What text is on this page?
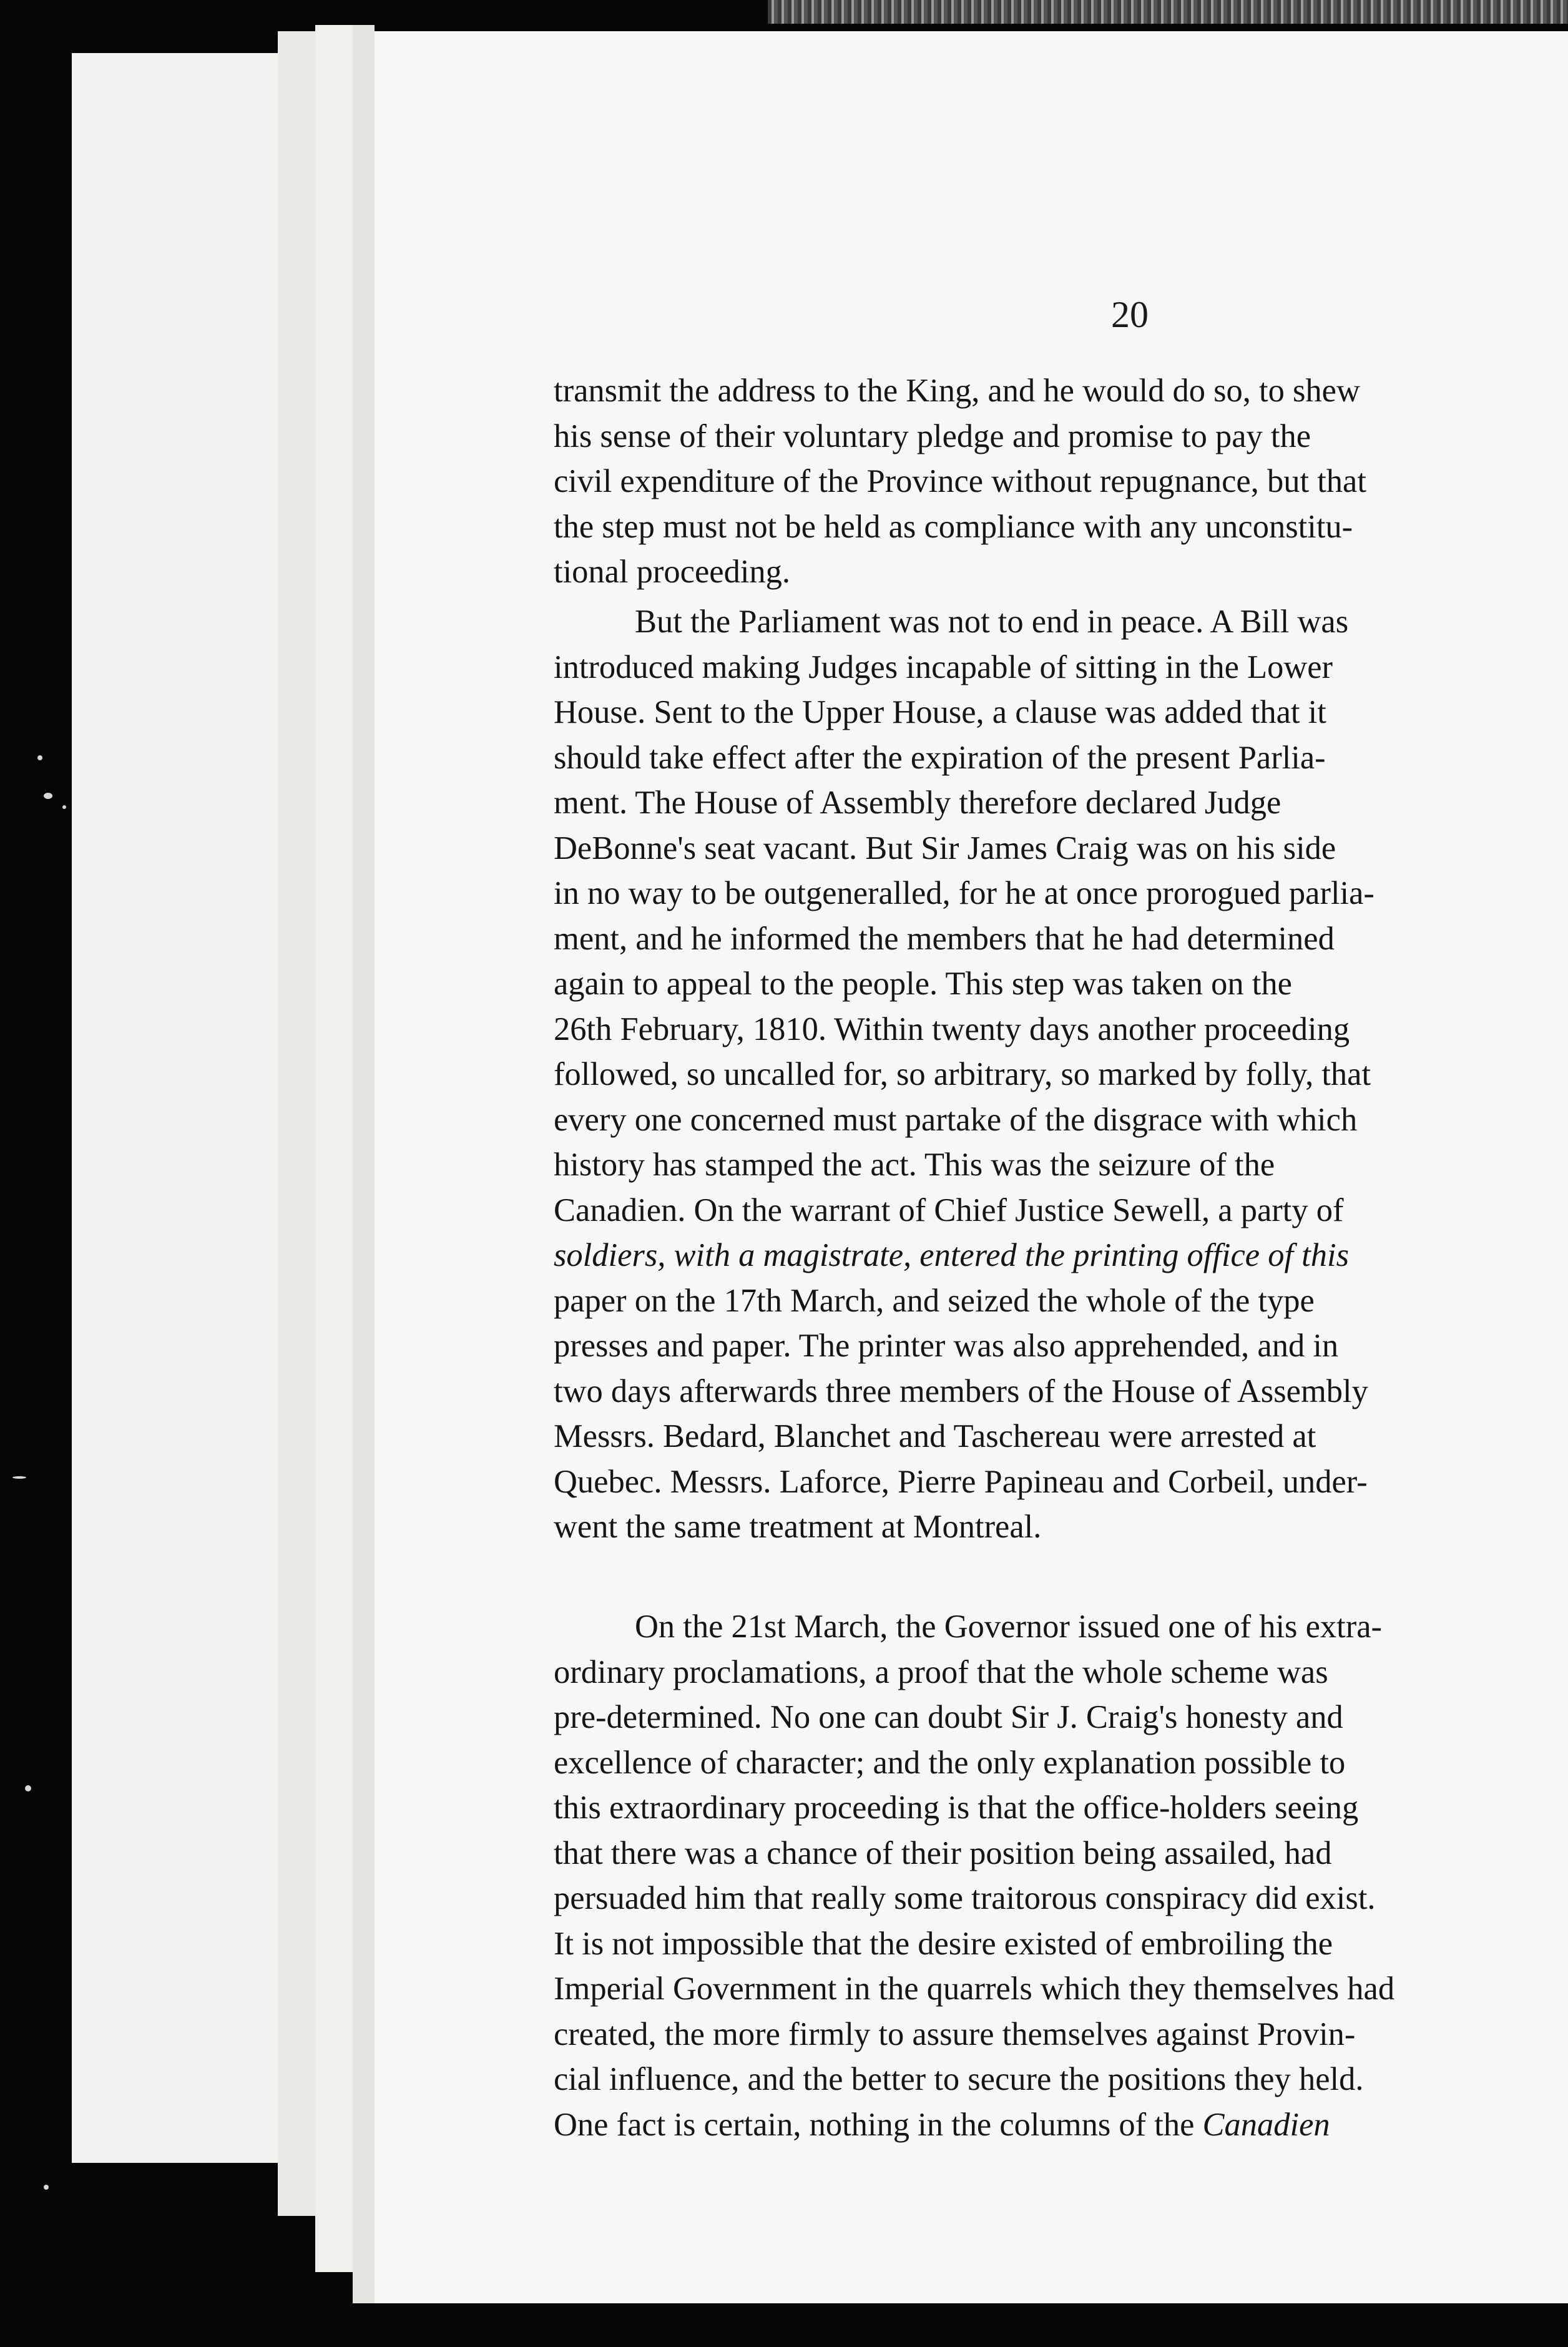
20

transmit the address to the King, and he would do so, to shew
his sense of their voluntary pledge and promise to pay the
civil expenditure of the Province without repugnance, but that
the step must not be held as compliance with any unconstitu-
tional proceeding.
But the Parliament was not to end in peace. A Bill was
introduced making Judges incapable of sitting in the Lower
House. Sent to the Upper House, a clause was added that it
should take effect after the expiration of the present Parlia-
ment. The House of Assembly therefore declared Judge
DeBonne's seat vacant. But Sir James Craig was on his side
in no way to be outgeneralled, for he at once prorogued parlia-
ment, and he informed the members that he had determined
again to appeal to the people. This step was taken on the
26th February, 1810. Within twenty days another proceeding
followed, so uncalled for, so arbitrary, so marked by folly, that
every one concerned must partake of the disgrace with which
history has stamped the act. This was the seizure of the
Canadien. On the warrant of Chief Justice Sewell, a party of
soldiers, with a magistrate, entered the printing office of this
paper on the 17th March, and seized the whole of the type
presses and paper. The printer was also apprehended, and in
two days afterwards three members of the House of Assembly
Messrs. Bedard, Blanchet and Taschereau were arrested at
Quebec. Messrs. Laforce, Pierre Papineau and Corbeil, under-
went the same treatment at Montreal.
On the 21st March, the Governor issued one of his extra-
ordinary proclamations, a proof that the whole scheme was
pre-determined. No one can doubt Sir J. Craig's honesty and
excellence of character; and the only explanation possible to
this extraordinary proceeding is that the office-holders seeing
that there was a chance of their position being assailed, had
persuaded him that really some traitorous conspiracy did exist.
It is not impossible that the desire existed of embroiling the
Imperial Government in the quarrels which they themselves had
created, the more firmly to assure themselves against Provin-
cial influence, and the better to secure the positions they held.
One fact is certain, nothing in the columns of the Canadien
